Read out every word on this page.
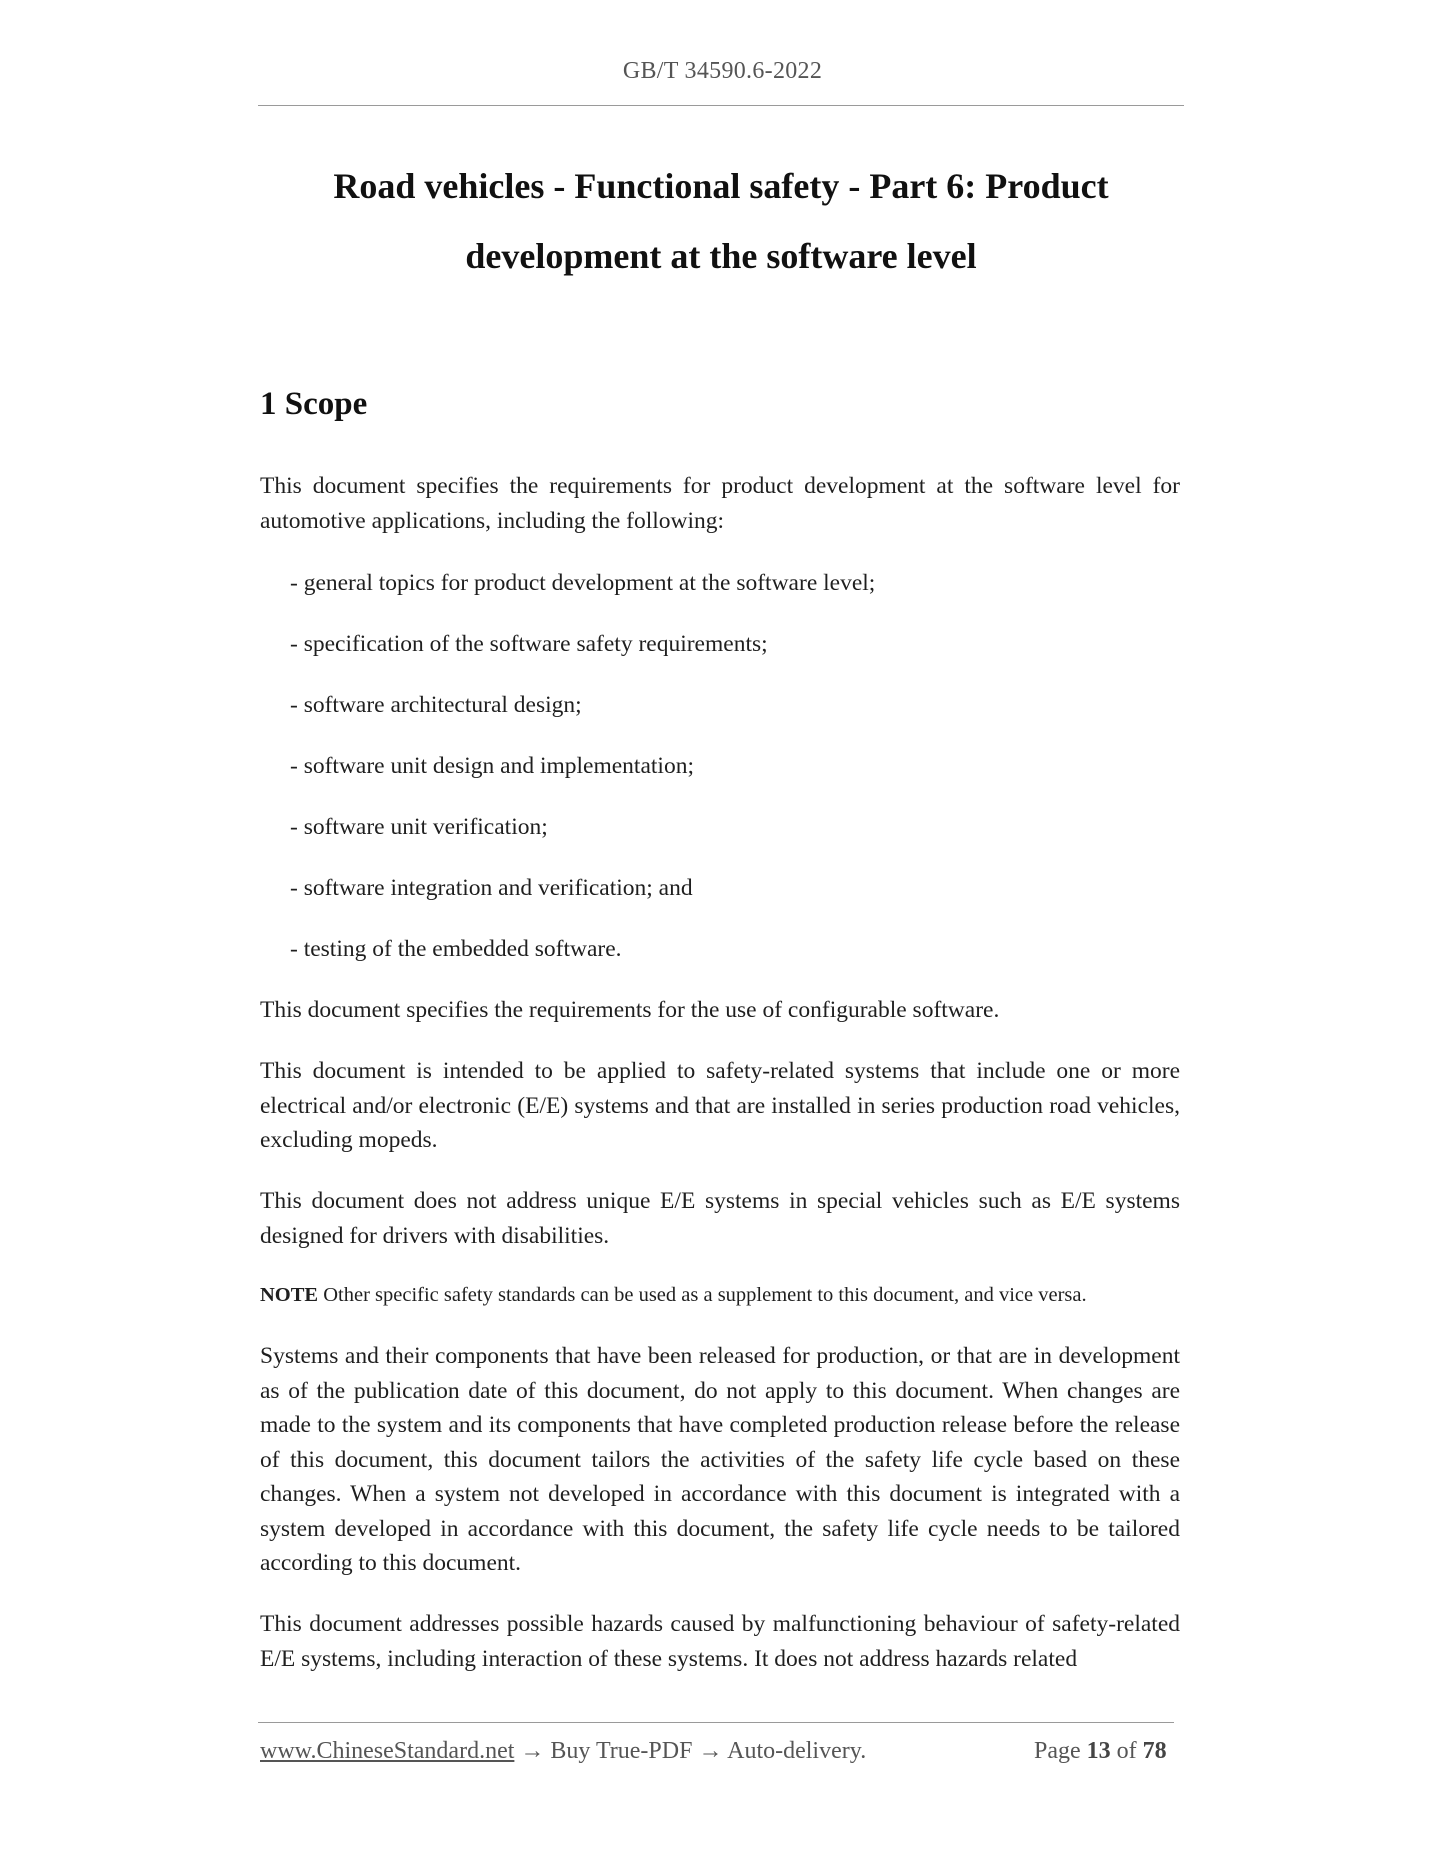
GB/T 34590.6-2022
Road vehicles - Functional safety - Part 6: Product
development at the software level
1 Scope
This document specifies the requirements for product development at the software level for automotive applications, including the following:
- general topics for product development at the software level;
- specification of the software safety requirements;
- software architectural design;
- software unit design and implementation;
- software unit verification;
- software integration and verification; and
- testing of the embedded software.
This document specifies the requirements for the use of configurable software.
This document is intended to be applied to safety-related systems that include one or more electrical and/or electronic (E/E) systems and that are installed in series production road vehicles, excluding mopeds.
This document does not address unique E/E systems in special vehicles such as E/E systems designed for drivers with disabilities.
NOTE Other specific safety standards can be used as a supplement to this document, and vice versa.
Systems and their components that have been released for production, or that are in development as of the publication date of this document, do not apply to this document. When changes are made to the system and its components that have completed production release before the release of this document, this document tailors the activities of the safety life cycle based on these changes. When a system not developed in accordance with this document is integrated with a system developed in accordance with this document, the safety life cycle needs to be tailored according to this document.
This document addresses possible hazards caused by malfunctioning behaviour of safety-related E/E systems, including interaction of these systems. It does not address hazards related
www.ChineseStandard.net → Buy True-PDF → Auto-delivery.	Page 13 of 78
